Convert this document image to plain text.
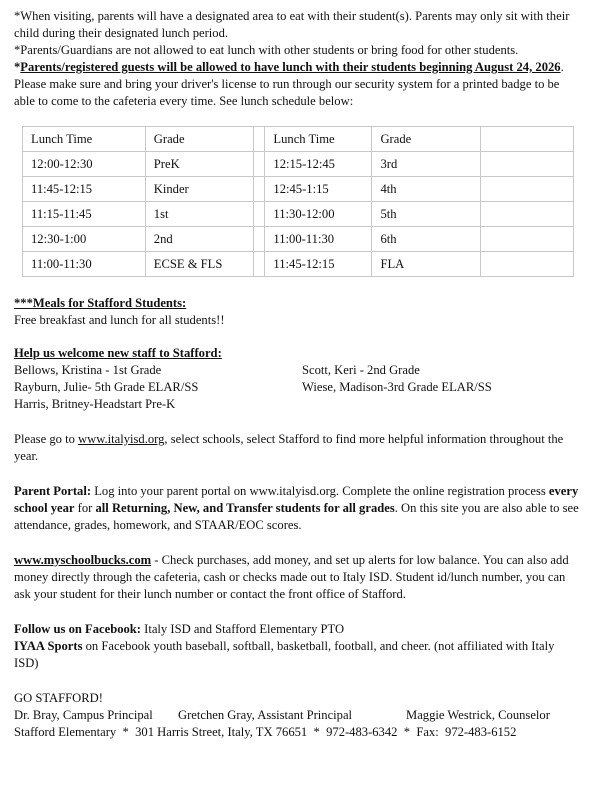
*When visiting, parents will have a designated area to eat with their student(s). Parents may only sit with their child during their designated lunch period.

*Parents/Guardians are not allowed to eat lunch with other students or bring food for other students.

*Parents/registered guests will be allowed to have lunch with their students beginning August 24, 2026. Please make sure and bring your driver's license to run through our security system for a printed badge to be able to come to the cafeteria every time. See lunch schedule below:

Lunch Time	Grade		Lunch Time	Grade	
12:00-12:30	PreK		12:15-12:45	3rd	
11:45-12:15	Kinder		12:45-1:15	4th	
11:15-11:45	1st		11:30-12:00	5th	
12:30-1:00	2nd		11:00-11:30	6th	
11:00-11:30	ECSE & FLS		11:45-12:15	FLA	

***Meals for Stafford Students:

Free breakfast and lunch for all students!!

Help us welcome new staff to Stafford:

Bellows, Kristina - 1st Grade

Rayburn, Julie- 5th Grade ELAR/SS

Harris, Britney-Headstart Pre-K

Scott, Keri - 2nd Grade

Wiese, Madison-3rd Grade ELAR/SS

Please go to www.italyisd.org, select schools, select Stafford to find more helpful information throughout the year.

Parent Portal: Log into your parent portal on www.italyisd.org. Complete the online registration process every school year for all Returning, New, and Transfer students for all grades. On this site you are also able to see attendance, grades, homework, and STAAR/EOC scores.

www.myschoolbucks.com - Check purchases, add money, and set up alerts for low balance. You can also add money directly through the cafeteria, cash or checks made out to Italy ISD. Student id/lunch number, you can ask your student for their lunch number or contact the front office of Stafford.

Follow us on Facebook: Italy ISD and Stafford Elementary PTO

IYAA Sports on Facebook youth baseball, softball, basketball, football, and cheer. (not affiliated with Italy ISD)

GO STAFFORD!

Dr. Bray, Campus Principal	Gretchen Gray, Assistant Principal	Maggie Westrick, Counselor

Stafford Elementary  *  301 Harris Street, Italy, TX 76651  *  972-483-6342  *  Fax:  972-483-6152
